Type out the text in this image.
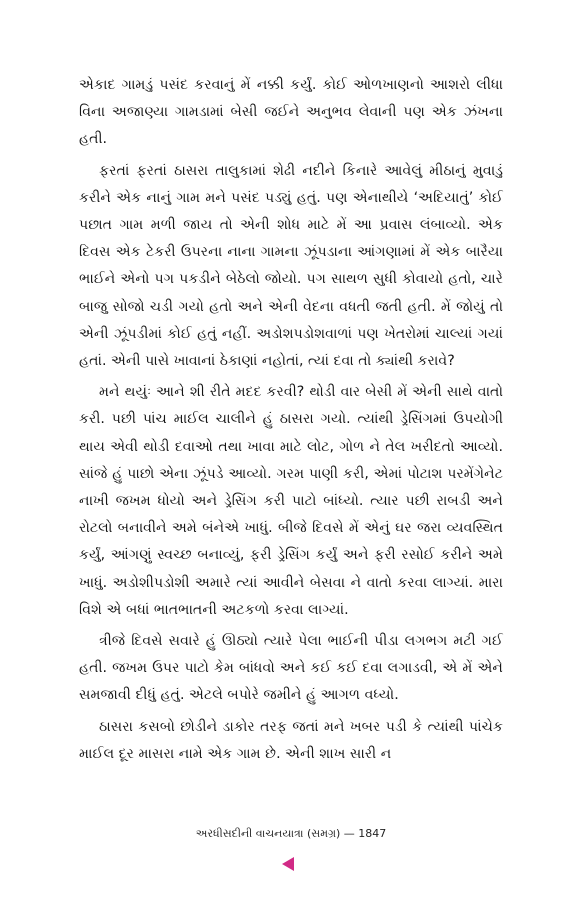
એકાદ ગામડું પસંદ કરવાનું મેં નક્કી કર્યું. કોઈ ઓળખાણનો આશરો લીધા વિના અજાણ્યા ગામડામાં બેસી જઈને અનુભવ લેવાની પણ એક ઝંખના હતી.

ફરતાં ફરતાં ઠાસરા તાલુકામાં શેઢી નદીને કિનારે આવેલું મીઠાનું મુવાડું કરીને એક નાનું ગામ મને પસંદ પડ્યું હતું. પણ એનાથીયે ‘અદિયાતું’ કોઈ પછાત ગામ મળી જાય તો એની શોધ માટે મેં આ પ્રવાસ લંબાવ્યો. એક દિવસ એક ટેકરી ઉપરના નાના ગામના ઝૂંપડાના આંગણામાં મેં એક બારૈયા ભાઈને એનો પગ પકડીને બેઠેલો જોયો. પગ સાથળ સુધી કોવાયો હતો, ચારે બાજુ સોજો ચડી ગયો હતો અને એની વેદના વધતી જતી હતી. મેં જોયું તો એની ઝૂંપડીમાં કોઈ હતું નહીં. અડોશપડોશવાળાં પણ ખેતરોમાં ચાલ્યાં ગયાં હતાં. એની પાસે ખાવાનાં ઠેકાણાં નહોતાં, ત્યાં દવા તો ક્યાંથી કરાવે?

મને થયુંઃ આને શી રીતે મદદ કરવી? થોડી વાર બેસી મેં એની સાથે વાતો કરી. પછી પાંચ માઈલ ચાલીને હું ઠાસરા ગયો. ત્યાંથી ડ્રેસિંગમાં ઉપયોગી થાય એવી થોડી દવાઓ તથા ખાવા માટે લોટ, ગોળ ને તેલ ખરીદતો આવ્યો. સાંજે હું પાછો એના ઝૂંપડે આવ્યો. ગરમ પાણી કરી, એમાં પોટાશ પરમેંગેનેટ નાખી જખમ ધોયો અને ડ્રેસિંગ કરી પાટો બાંધ્યો. ત્યાર પછી રાબડી અને રોટલો બનાવીને અમે બંનેએ ખાધું. બીજે દિવસે મેં એનું ઘર જરા વ્યવસ્થિત કર્યું, આંગણું સ્વચ્છ બનાવ્યું, ફરી ડ્રેસિંગ કર્યું અને ફરી રસોઈ કરીને અમે ખાધું. અડોશીપડોશી અમારે ત્યાં આવીને બેસવા ને વાતો કરવા લાગ્યાં. મારા વિશે એ બધાં ભાતભાતની અટકળો કરવા લાગ્યાં.

ત્રીજે દિવસે સવારે હું ઊઠ્યો ત્યારે પેલા ભાઈની પીડા લગભગ મટી ગઈ હતી. જખમ ઉપર પાટો કેમ બાંધવો અને કઈ કઈ દવા લગાડવી, એ મેં એને સમજાવી દીધું હતું. એટલે બપોરે જમીને હું આગળ વધ્યો.

ઠાસરા કસબો છોડીને ડાકોર તરફ જતાં મને ખબર પડી કે ત્યાંથી પાંચેક માઈલ દૂર માસરા નામે એક ગામ છે. એની શાખ સારી ન

અરધીસદીની વાચનયાત્રા (સમગ્ર) — 1847
